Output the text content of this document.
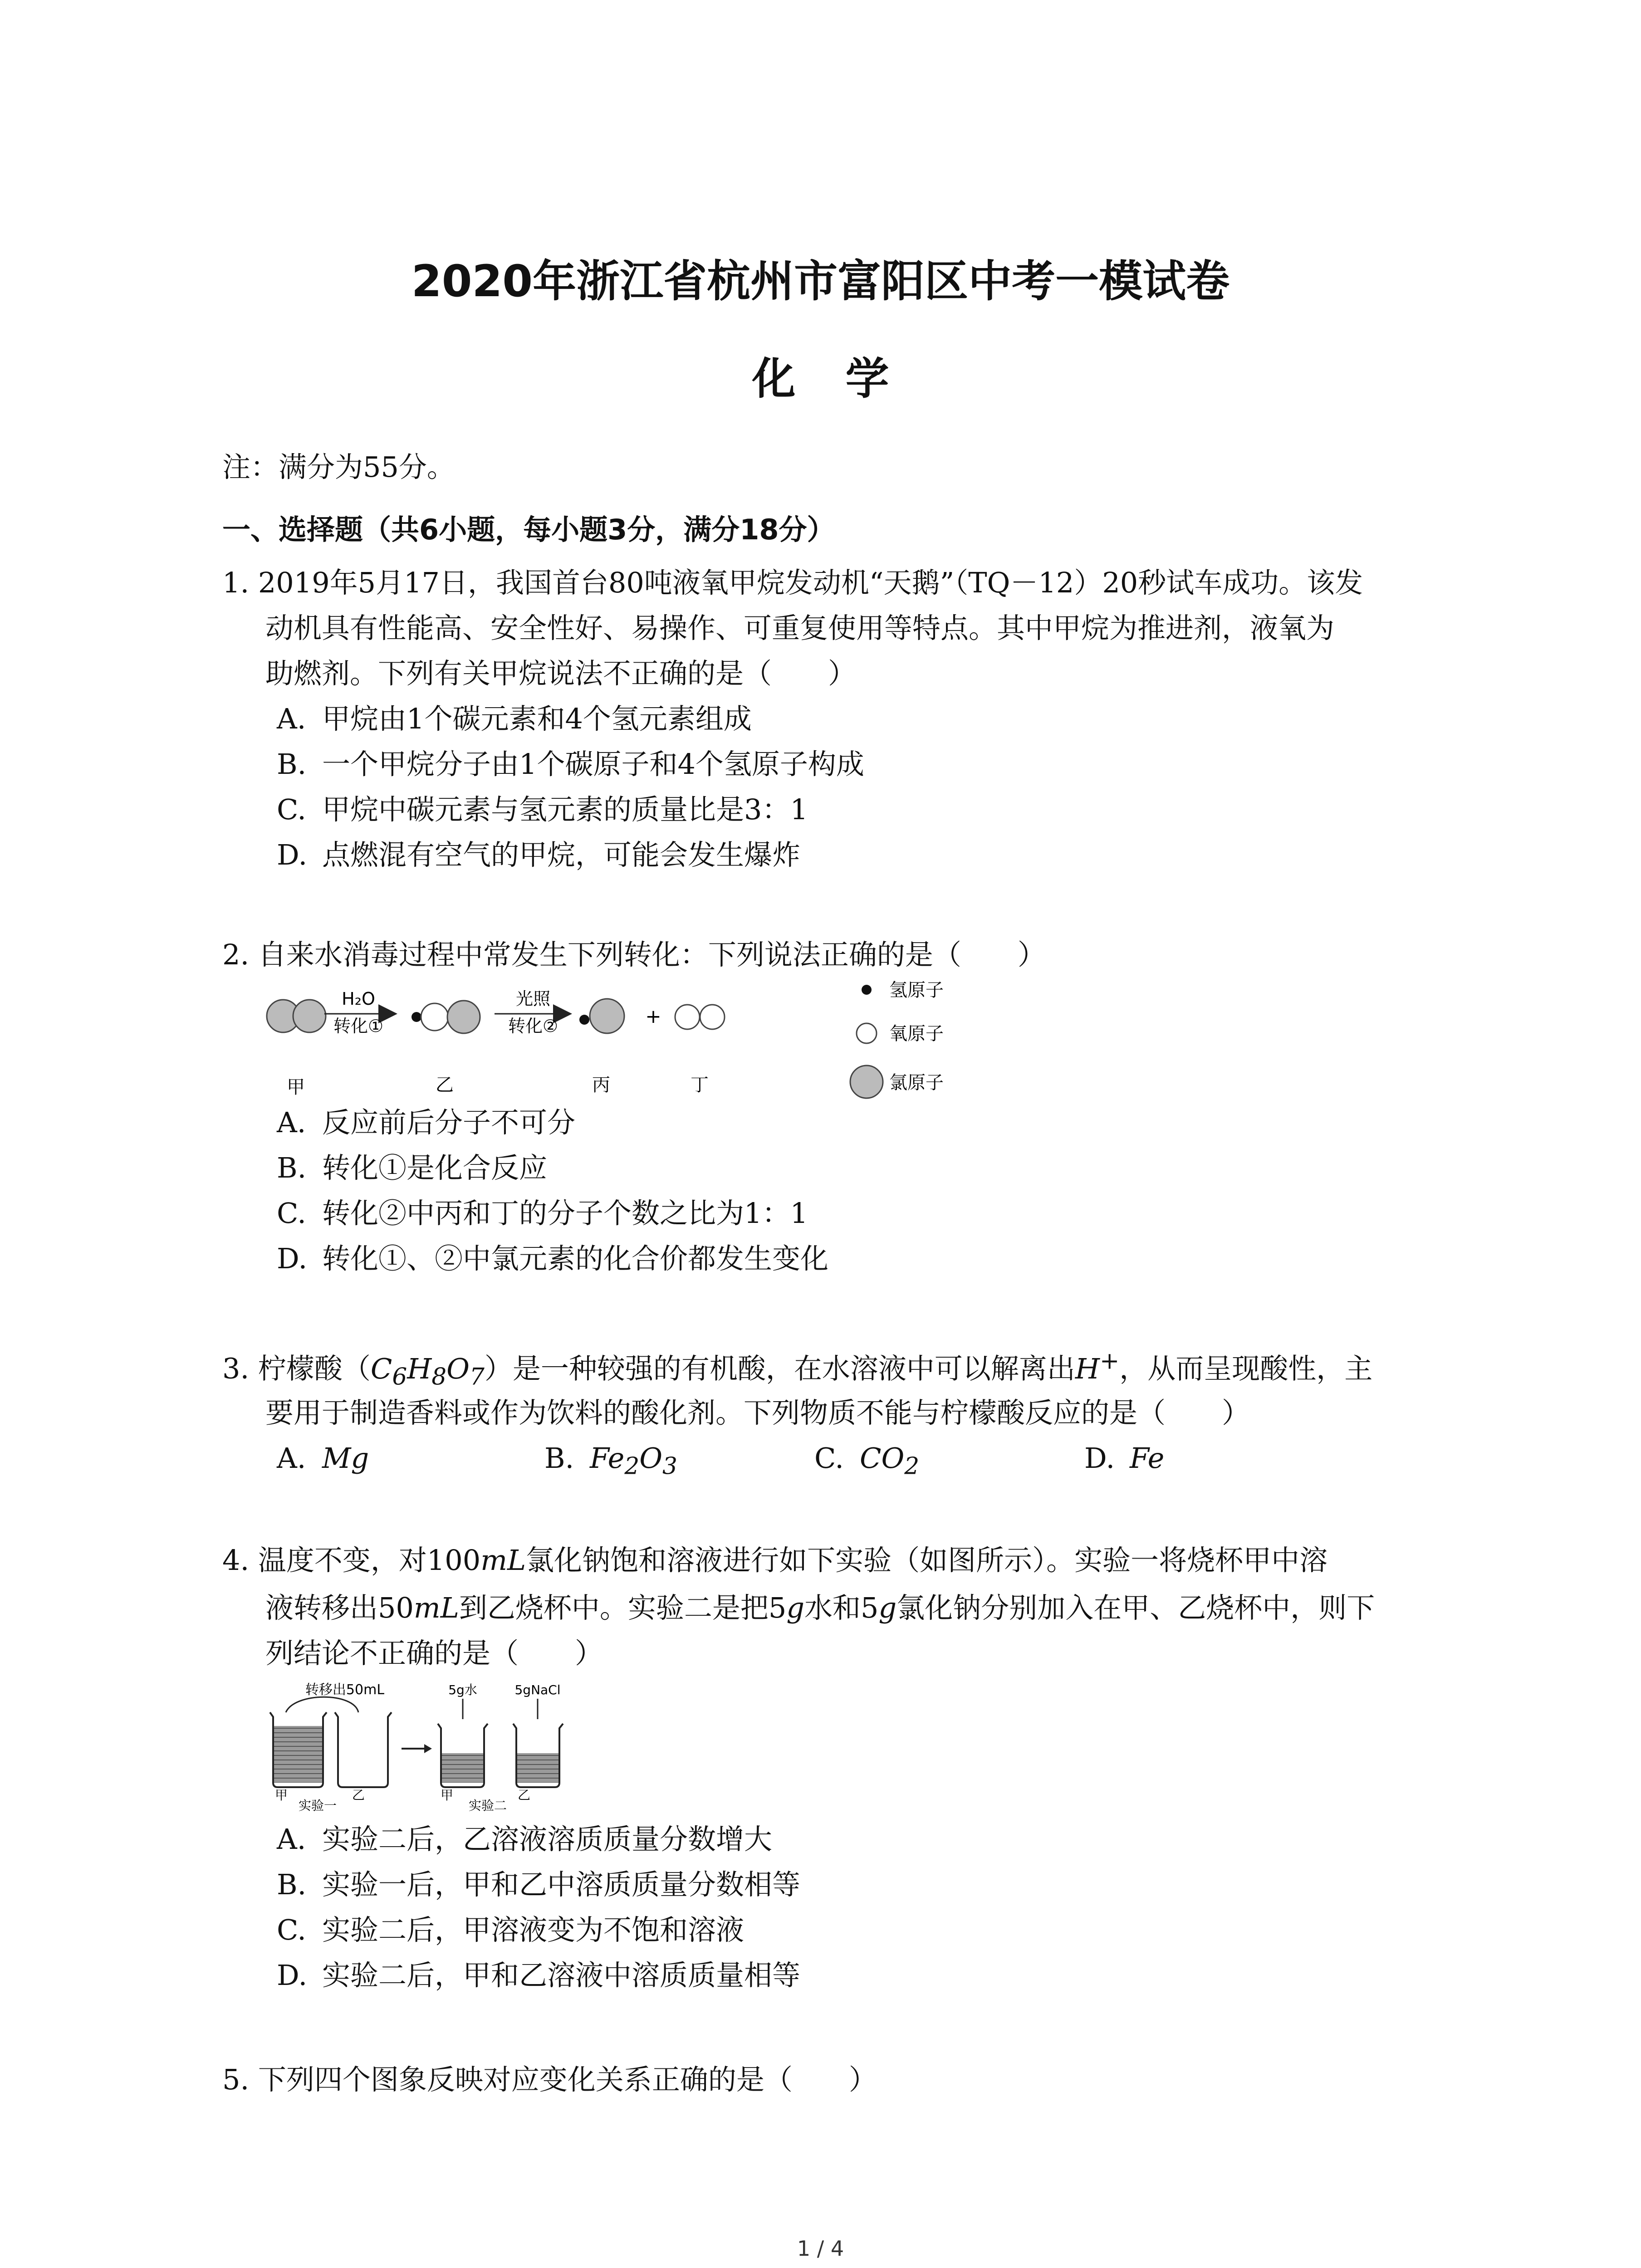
2020年浙江省杭州市富阳区中考一模试卷
化学
注：满分为55分。
一、选择题（共6小题，每小题3分，满分18分）
1. 2019年5月17日，我国首台80吨液氧甲烷发动机“天鹅”（TQ－12）20秒试车成功。该发
动机具有性能高、安全性好、易操作、可重复使用等特点。其中甲烷为推进剂，液氧为
助燃剂。下列有关甲烷说法不正确的是（　　）
A. 甲烷由1个碳元素和4个氢元素组成
B. 一个甲烷分子由1个碳原子和4个氢原子构成
C. 甲烷中碳元素与氢元素的质量比是3：1
D. 点燃混有空气的甲烷，可能会发生爆炸
2. 自来水消毒过程中常发生下列转化：下列说法正确的是（　　）
H₂O
转化①
光照
转化②	+
甲	乙	丙	丁
氢原子
氧原子
氯原子
A. 反应前后分子不可分
B. 转化①是化合反应
C. 转化②中丙和丁的分子个数之比为1：1
D. 转化①、②中氯元素的化合价都发生变化
3. 柠檬酸$(C_6H_8O_7)$是一种较强的有机酸，在水溶液中可以解离出H+，从而呈现酸性，主
要用于制造香料或作为饮料的酸化剂。下列物质不能与柠檬酸反应的是（　　）
A. Mg	B. $Fe_2O_3$	C. $CO_2$	D. Fe
4. 温度不变，对100mL氯化钠饱和溶液进行如下实验（如图所示）。实验一将烧杯甲中溶
液转移出50mL到乙烧杯中。实验二是把5g水和5g氯化钠分别加入在甲、乙烧杯中，则下
列结论不正确的是（　　）
转移出50mL
甲	乙
实验一
5g水	5gNaCl
甲	乙
实验二
A. 实验二后，乙溶液溶质质量分数增大
B. 实验一后，甲和乙中溶质质量分数相等
C. 实验二后，甲溶液变为不饱和溶液
D. 实验二后，甲和乙溶液中溶质质量相等
5. 下列四个图象反映对应变化关系正确的是（　　）
1 / 4
